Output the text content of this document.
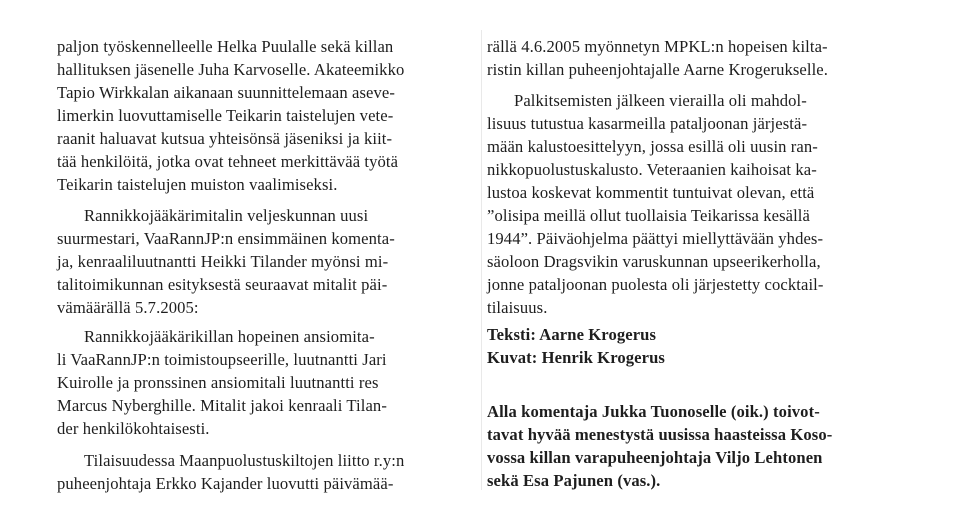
paljon työskennelleelle Helka Puulalle sekä killan
hallituksen jäsenelle Juha Karvoselle. Akateemikko
Tapio Wirkkalan aikanaan suunnittelemaan aseve-
limerkin luovuttamiselle Teikarin taistelujen vete-
raanit haluavat kutsua yhteisönsä jäseniksi ja kiit-
tää henkilöitä, jotka ovat tehneet merkittävää työtä
Teikarin taistelujen muiston vaalimiseksi.
Rannikkojääkärimitalin veljeskunnan uusi
suurmestari, VaaRannJP:n ensimmäinen komenta-
ja, kenraaliluutnantti Heikki Tilander myönsi mi-
talitoimikunnan esityksestä seuraavat mitalit päi-
vämäärällä 5.7.2005:
Rannikkojääkärikillan hopeinen ansiomita-
li VaaRannJP:n toimistoupseerille, luutnantti Jari
Kuirolle ja pronssinen ansiomitali luutnantti res
Marcus Nyberghille. Mitalit jakoi kenraali Tilan-
der henkilökohtaisesti.
Tilaisuudessa Maanpuolustuskiltojen liitto r.y:n
puheenjohtaja Erkko Kajander luovutti päivämää-
rällä 4.6.2005 myönnetyn MPKL:n hopeisen kilta-
ristin killan puheenjohtajalle Aarne Krogerukselle.
Palkitsemisten jälkeen vierailla oli mahdol-
lisuus tutustua kasarmeilla pataljoonan järjestä-
mään kalustoesittelyyn, jossa esillä oli uusin ran-
nikkopuolustuskalusto. Veteraanien kaihoisat ka-
lustoa koskevat kommentit tuntuivat olevan, että
”olisipa meillä ollut tuollaisia Teikarissa kesällä
1944”. Päiväohjelma päättyi miellyttävään yhdes-
säoloon Dragsvikin varuskunnan upseerikerholla,
jonne pataljoonan puolesta oli järjestetty cocktail-
tilaisuus.
Teksti: Aarne Krogerus
Kuvat: Henrik Krogerus
Alla komentaja Jukka Tuonoselle (oik.) toivot-
tavat hyvää menestystä uusissa haasteissa Koso-
vossa killan varapuheenjohtaja Viljo Lehtonen
sekä Esa Pajunen (vas.).
